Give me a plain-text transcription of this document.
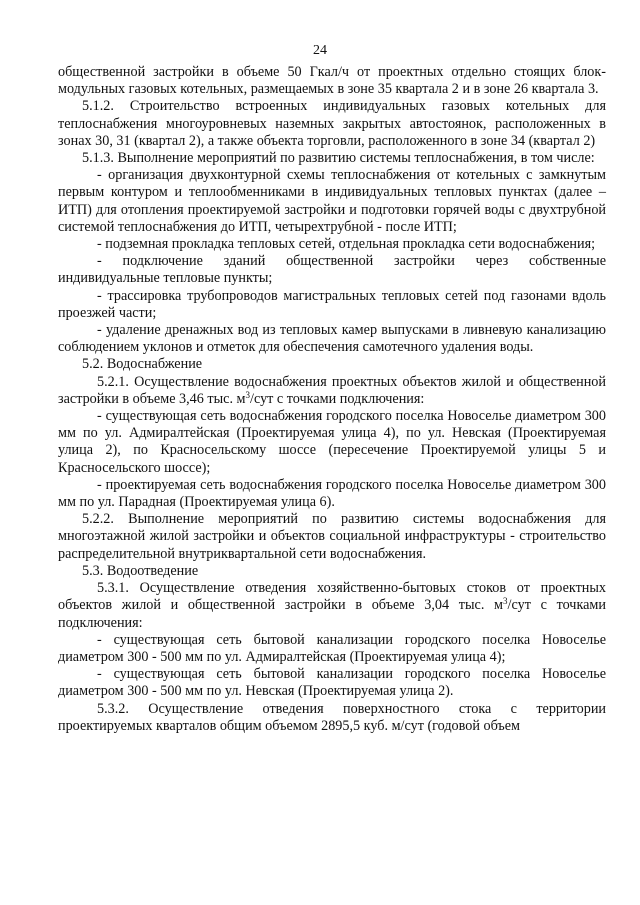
24

общественной застройки в объеме 50 Гкал/ч от проектных отдельно стоящих блок-модульных газовых котельных, размещаемых в зоне 35 квартала 2 и в зоне 26 квартала 3.

5.1.2. Строительство встроенных индивидуальных газовых котельных для теплоснабжения многоуровневых наземных закрытых автостоянок, расположенных в зонах 30, 31 (квартал 2), а также объекта торговли, расположенного в зоне 34 (квартал 2)

5.1.3. Выполнение мероприятий по развитию системы теплоснабжения, в том числе:

- организация двухконтурной схемы теплоснабжения от котельных с замкнутым первым контуром и теплообменниками в индивидуальных тепловых пунктах (далее – ИТП) для отопления проектируемой застройки и подготовки горячей воды с двухтрубной системой теплоснабжения до ИТП, четырехтрубной - после ИТП;

- подземная прокладка тепловых сетей, отдельная прокладка сети водоснабжения;

- подключение зданий общественной застройки через собственные индивидуальные тепловые пункты;

- трассировка трубопроводов магистральных тепловых сетей под газонами вдоль проезжей части;

- удаление дренажных вод из тепловых камер выпусками в ливневую канализацию соблюдением уклонов и отметок для обеспечения самотечного удаления воды.

5.2. Водоснабжение

5.2.1. Осуществление водоснабжения проектных объектов жилой и общественной застройки в объеме 3,46 тыс. $м^3$/сут с точками подключения:

- существующая сеть водоснабжения городского поселка Новоселье диаметром 300 мм по ул. Адмиралтейская (Проектируемая улица 4), по ул. Невская (Проектируемая улица 2), по Красносельскому шоссе (пересечение Проектируемой улицы 5 и Красносельского шоссе);

- проектируемая сеть водоснабжения городского поселка Новоселье диаметром 300 мм по ул. Парадная (Проектируемая улица 6).

5.2.2. Выполнение мероприятий по развитию системы водоснабжения для многоэтажной жилой застройки и объектов социальной инфраструктуры - строительство распределительной внутриквартальной сети водоснабжения.

5.3. Водоотведение

5.3.1. Осуществление отведения хозяйственно-бытовых стоков от проектных объектов жилой и общественной застройки в объеме 3,04 тыс. $м^3$/сут с точками подключения:

- существующая сеть бытовой канализации городского поселка Новоселье диаметром 300 - 500 мм по ул. Адмиралтейская (Проектируемая улица 4);

- существующая сеть бытовой канализации городского поселка Новоселье диаметром 300 - 500 мм по ул. Невская (Проектируемая улица 2).

5.3.2. Осуществление отведения поверхностного стока с территории проектируемых кварталов общим объемом 2895,5 куб. м/сут (годовой объем
